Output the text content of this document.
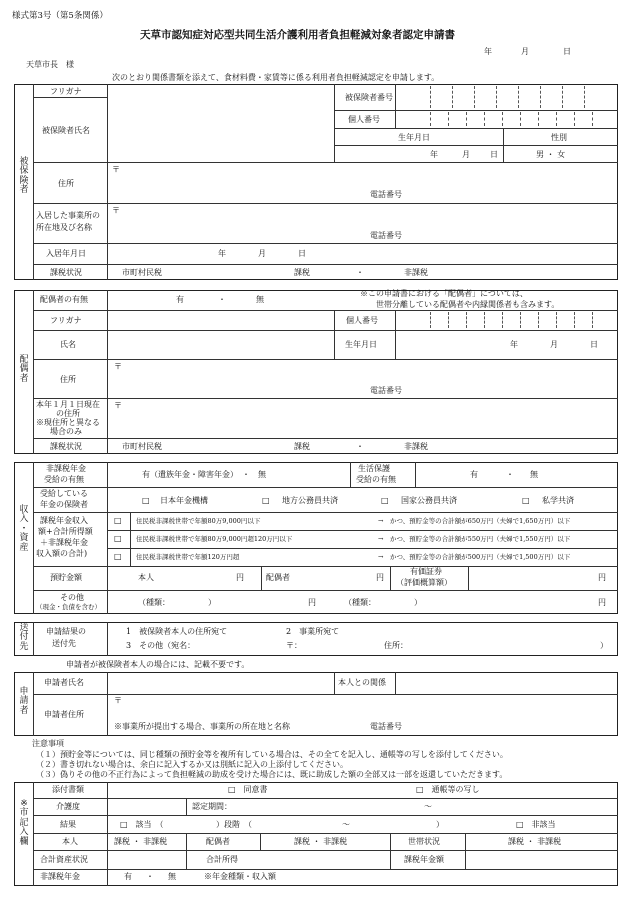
様式第3号（第5条関係）
天草市認知症対応型共同生活介護利用者負担軽減対象者認定申請書
年	月	日
天草市長　様
次のとおり関係書類を添えて、食材料費・家賃等に係る利用者負担軽減認定を申請します。
被
保
険
者
フリガナ
被保険者氏名
被保険者番号
個人番号
生年月日	性別
年	月	日	男 ・ 女
住所
〒
電話番号
入居した事業所の
所在地及び名称
〒
電話番号
入居年月日	年	月	日
課税状況	市町村民税	課税	・	非課税
配
偶
者
配偶者の有無	有	・	無
※この申請書における「配偶者」については、
世帯分離している配偶者や内縁関係者も含みます。
フリガナ	個人番号
氏名	生年月日	年	月	日
住所
〒
電話番号
本年１月１日現在
の住所
※現住所と異なる
場合のみ
〒
課税状況	市町村民税	課税	・	非課税
収
入
・
資
産
非課税年金
受給の有無
有（遺族年金・障害年金）　・　無
生活保護
受給の有無
有	・ 無
受給している
年金の保険者	□ 日本年金機構	□ 地方公務員共済	□ 国家公務員共済	□ 私学共済
課税年金収入
額+合計所得額
＋非課税年金
収入額の合計)
□ 住民税非課税世帯で年額80万9,000円以下	→　かつ、預貯金等の合計額が650万円（夫婦で1,650万円）以下
□ 住民税非課税世帯で年額80万9,000円超120万円以下	→　かつ、預貯金等の合計額が550万円（夫婦で1,550万円）以下
□ 住民税非課税世帯で年額120万円超	→　かつ、預貯金等の合計額が500万円（夫婦で1,500万円）以下
預貯金額	本人	円	配偶者	円
有価証券
（評価概算額）
円
その他
（現金・負債を含む）	（種類：	）	円	（種類：	）	円
送
付
先
申請結果の
送付先
1　被保険者本人の住所宛て	2　事業所宛て
3　その他（宛名：	〒：	住所：	）
申請者が被保険者本人の場合には、記載不要です。
申
請
者
申請者氏名	本人との関係
申請者住所
〒
※事業所が提出する場合、事業所の所在地と名称	電話番号
注意事項
（１）預貯金等については、同じ種類の預貯金等を複所有している場合は、その全てを記入し、通帳等の写しを添付してください。
（２）書き切れない場合は、余白に記入するか又は別紙に記入の上添付してください。
（３）偽りその他の不正行為によって負担軽減の助成を受けた場合には、既に助成した額の全部又は一部を返還していただきます。
※
市
記
入
欄
添付書類	□　同意書	□　通帳等の写し
介護度	認定期間：	～
結果	□　該当　（	）段階　（	～	）	□　非該当
本人	課税 ・ 非課税	配偶者	課税 ・ 非課税	世帯状況	課税 ・ 非課税
合計資産状況	合計所得	課税年金額
非課税年金	有 ・ 無	※年金種類・収入額
